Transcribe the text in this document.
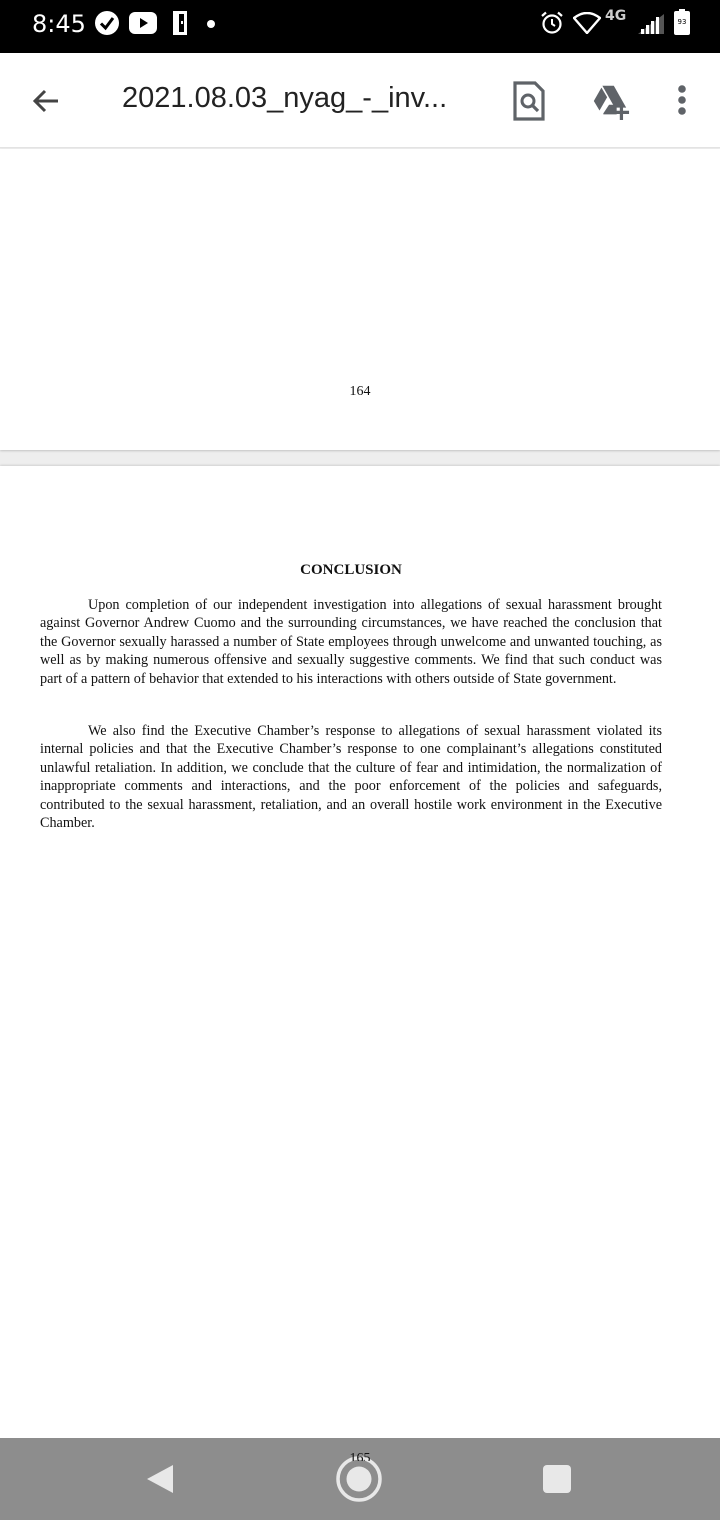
8:45	4G	93
2021.08.03_nyag_-_inv...
164
CONCLUSION

Upon completion of our independent investigation into allegations of sexual harassment brought against Governor Andrew Cuomo and the surrounding circumstances, we have reached the conclusion that the Governor sexually harassed a number of State employees through unwelcome and unwanted touching, as well as by making numerous offensive and sexually suggestive comments. We find that such conduct was part of a pattern of behavior that extended to his interactions with others outside of State government.

We also find the Executive Chamber’s response to allegations of sexual harassment violated its internal policies and that the Executive Chamber’s response to one complainant’s allegations constituted unlawful retaliation. In addition, we conclude that the culture of fear and intimidation, the normalization of inappropriate comments and interactions, and the poor enforcement of the policies and safeguards, contributed to the sexual harassment, retaliation, and an overall hostile work environment in the Executive Chamber.

165
